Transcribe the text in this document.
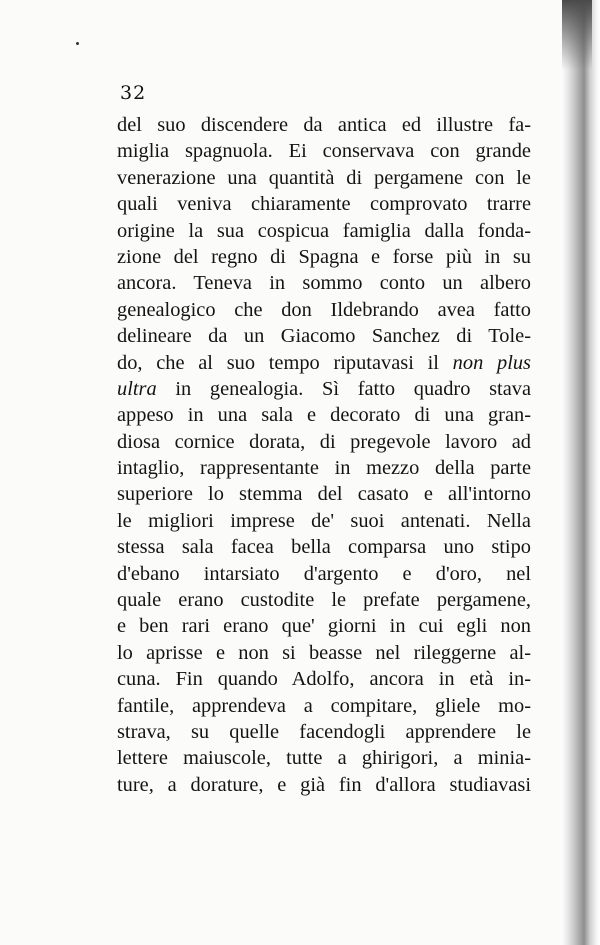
32
del suo discendere da antica ed illustre fa-
miglia spagnuola. Ei conservava con grande
venerazione una quantità di pergamene con le
quali veniva chiaramente comprovato trarre
origine la sua cospicua famiglia dalla fonda-
zione del regno di Spagna e forse più in su
ancora. Teneva in sommo conto un albero
genealogico che don Ildebrando avea fatto
delineare da un Giacomo Sanchez di Tole-
do, che al suo tempo riputavasi il non plus
ultra in genealogia. Sì fatto quadro stava
appeso in una sala e decorato di una gran-
diosa cornice dorata, di pregevole lavoro ad
intaglio, rappresentante in mezzo della parte
superiore lo stemma del casato e all'intorno
le migliori imprese de' suoi antenati. Nella
stessa sala facea bella comparsa uno stipo
d'ebano intarsiato d'argento e d'oro, nel
quale erano custodite le prefate pergamene,
e ben rari erano que' giorni in cui egli non
lo aprisse e non si beasse nel rileggerne al-
cuna. Fin quando Adolfo, ancora in età in-
fantile, apprendeva a compitare, gliele mo-
strava, su quelle facendogli apprendere le
lettere maiuscole, tutte a ghirigori, a minia-
ture, a dorature, e già fin d'allora studiavasi
